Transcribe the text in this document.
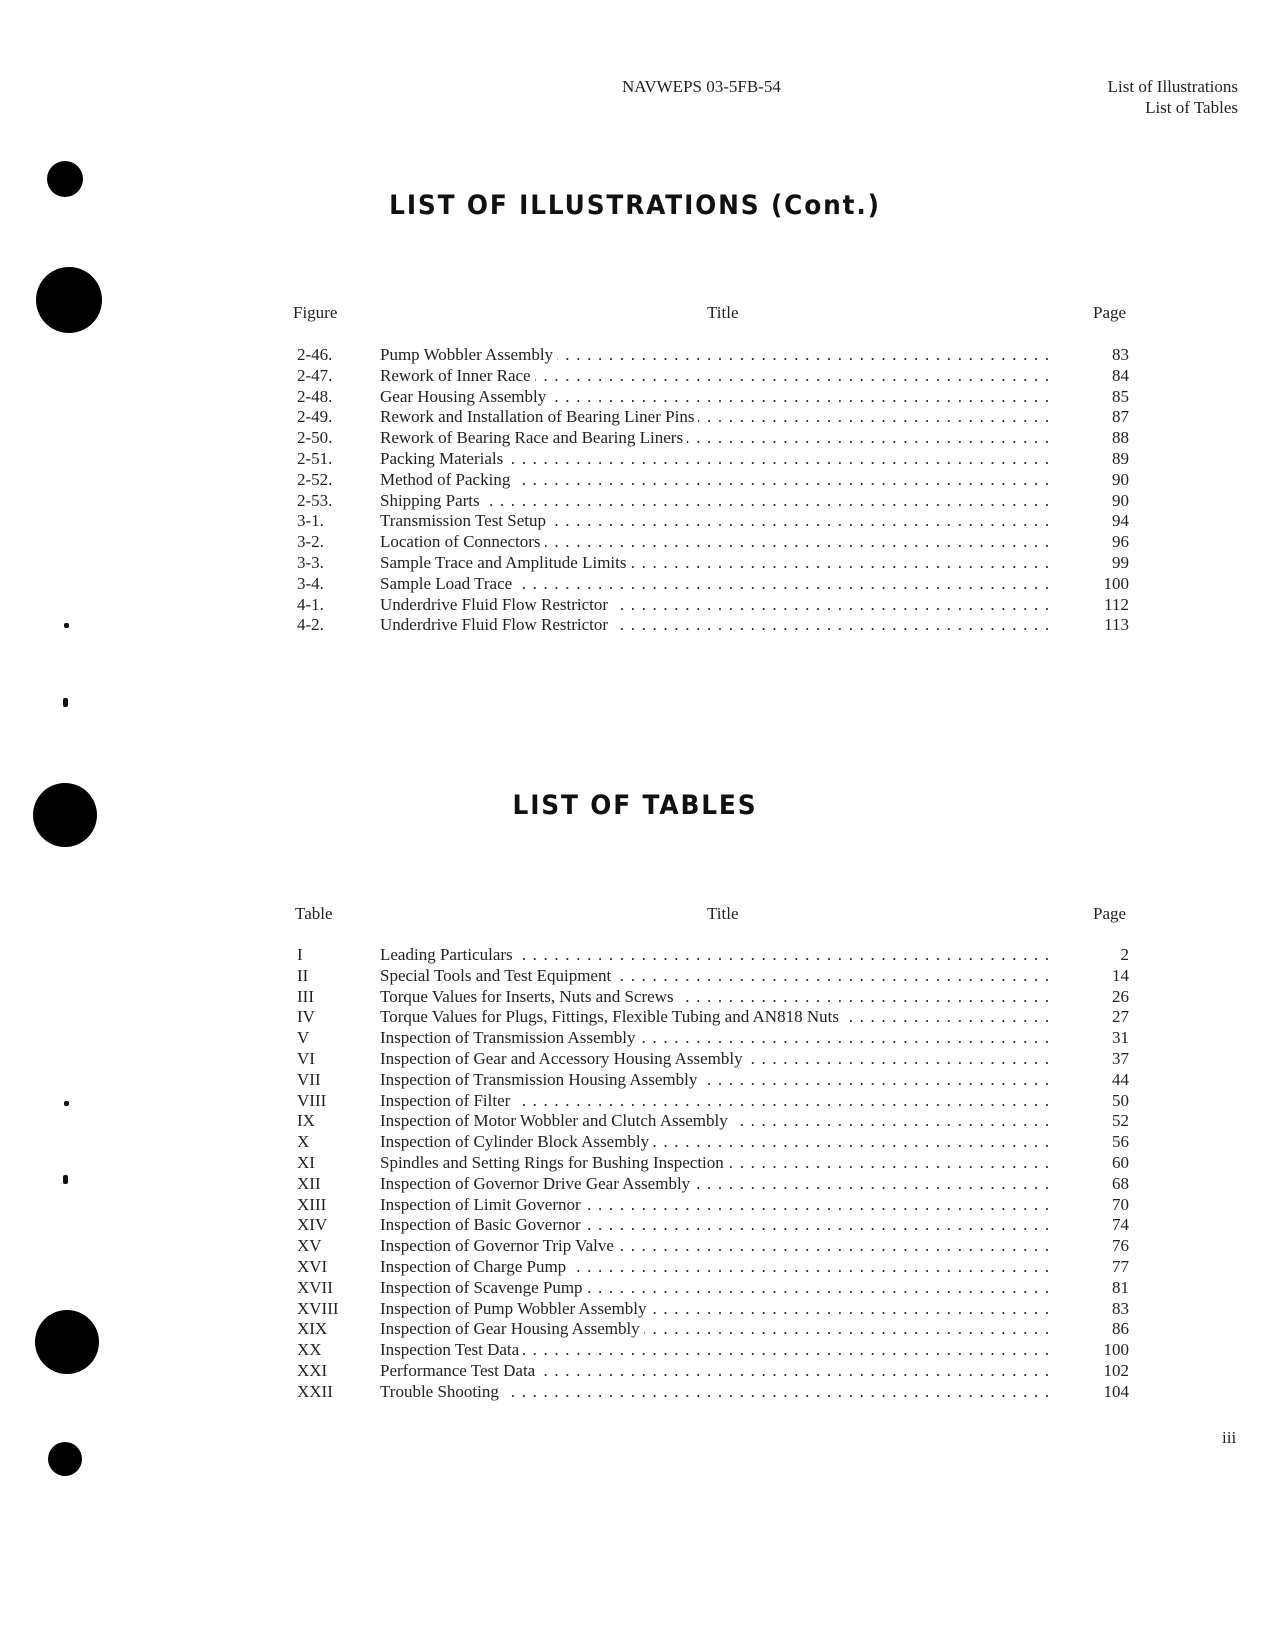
NAVWEPS 03-5FB-54	List of Illustrations
List of Tables
LIST OF ILLUSTRATIONS (Cont.)
Figure	Title	Page
2-46.	Pump Wobbler Assembly . . .	83
2-47.	Rework of Inner Race . . .	84
2-48.	Gear Housing Assembly . . .	85
2-49.	Rework and Installation of Bearing Liner Pins . . .	87
2-50.	Rework of Bearing Race and Bearing Liners . . .	88
2-51.	Packing Materials . . .	89
2-52.	Method of Packing . . .	90
2-53.	Shipping Parts . . .	90
3-1.	Transmission Test Setup . . .	94
3-2.	Location of Connectors . . .	96
3-3.	Sample Trace and Amplitude Limits . . .	99
3-4.	Sample Load Trace . . .	100
4-1.	Underdrive Fluid Flow Restrictor . . .	112
4-2.	Underdrive Fluid Flow Restrictor . . .	113
LIST OF TABLES
Table	Title	Page
I	Leading Particulars . . .	2
II	Special Tools and Test Equipment . . .	14
III	Torque Values for Inserts, Nuts and Screws . . .	26
IV	Torque Values for Plugs, Fittings, Flexible Tubing and AN818 Nuts . . .	27
V	Inspection of Transmission Assembly . . .	31
VI	Inspection of Gear and Accessory Housing Assembly . . .	37
VII	Inspection of Transmission Housing Assembly . . .	44
VIII	Inspection of Filter . . .	50
IX	Inspection of Motor Wobbler and Clutch Assembly . . .	52
X	Inspection of Cylinder Block Assembly . . .	56
XI	Spindles and Setting Rings for Bushing Inspection . . .	60
XII	Inspection of Governor Drive Gear Assembly . . .	68
XIII	Inspection of Limit Governor . . .	70
XIV	Inspection of Basic Governor . . .	74
XV	Inspection of Governor Trip Valve . . .	76
XVI	Inspection of Charge Pump . . .	77
XVII	Inspection of Scavenge Pump . . .	81
XVIII Inspection of Pump Wobbler Assembly . . .	83
XIX	Inspection of Gear Housing Assembly . . .	86
XX	Inspection Test Data . . .	100
XXI	Performance Test Data . . .	102
XXII	Trouble Shooting . . .	104
iii
